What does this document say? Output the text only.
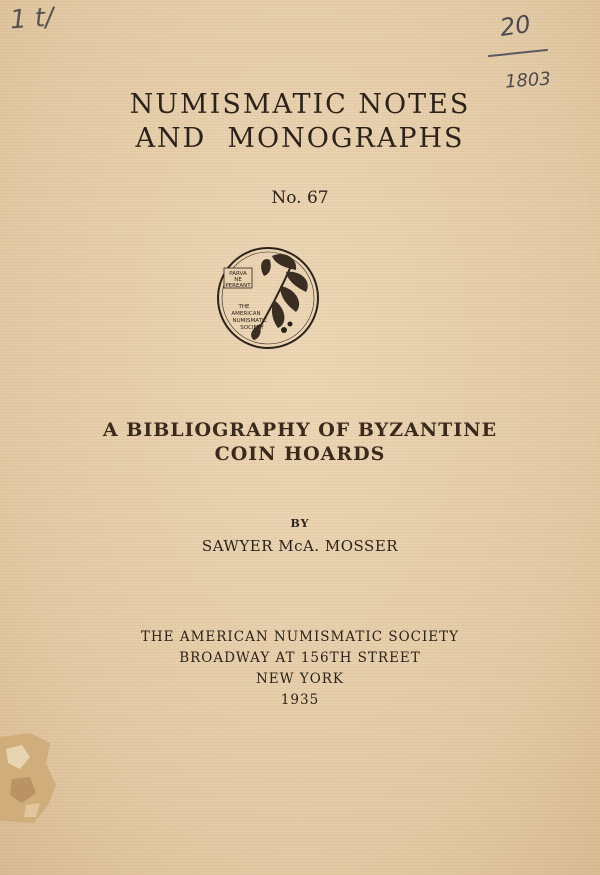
1 t/	20
1803
NUMISMATIC NOTES
AND  MONOGRAPHS
No. 67
PARVA
NE
PEREANT
THE
AMERICAN
NUMISMATIC
SOCIETY
A BIBLIOGRAPHY OF BYZANTINE
COIN HOARDS
BY
SAWYER McA. MOSSER
THE AMERICAN NUMISMATIC SOCIETY
BROADWAY AT 156TH STREET
NEW YORK
1935
